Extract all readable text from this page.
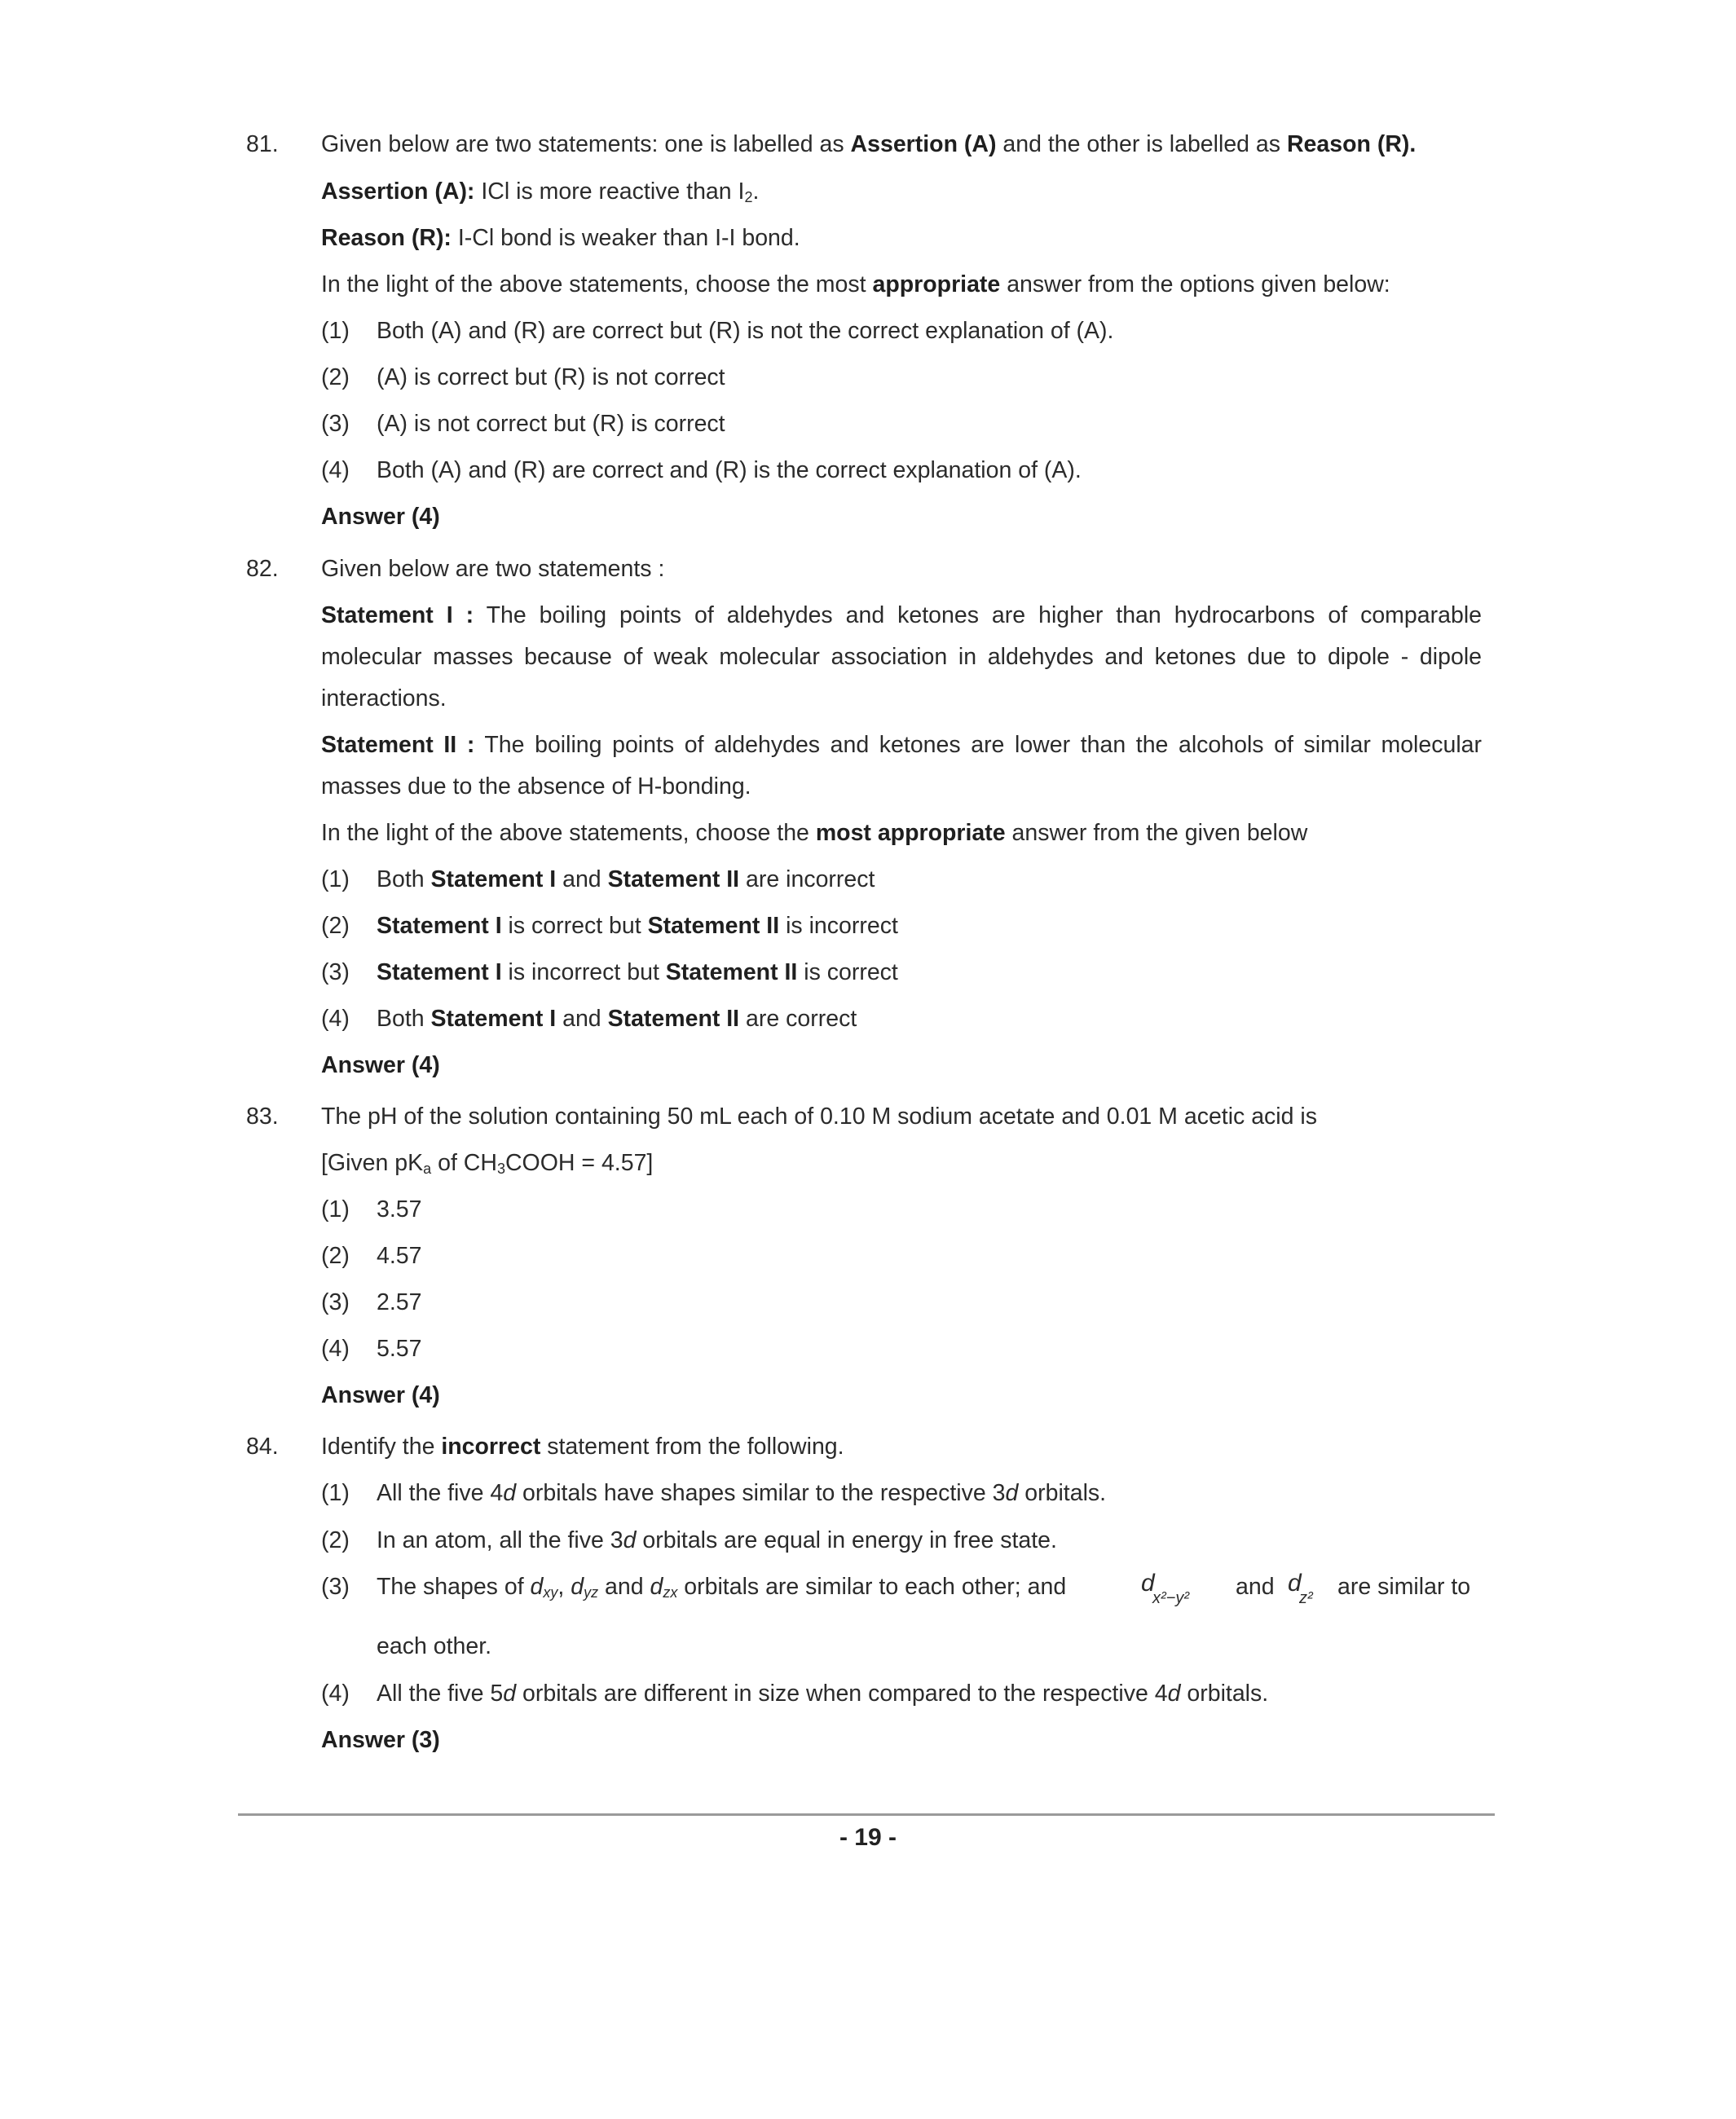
81. Given below are two statements: one is labelled as Assertion (A) and the other is labelled as Reason (R).
Assertion (A): ICl is more reactive than $I_2$.
Reason (R): I-Cl bond is weaker than I-I bond.
In the light of the above statements, choose the most appropriate answer from the options given below:
(1) Both (A) and (R) are correct but (R) is not the correct explanation of (A).
(2) (A) is correct but (R) is not correct
(3) (A) is not correct but (R) is correct
(4) Both (A) and (R) are correct and (R) is the correct explanation of (A).
Answer (4)
82. Given below are two statements :
Statement I : The boiling points of aldehydes and ketones are higher than hydrocarbons of comparable
molecular masses because of weak molecular association in aldehydes and ketones due to dipole - dipole
interactions.
Statement II : The boiling points of aldehydes and ketones are lower than the alcohols of similar molecular
masses due to the absence of H-bonding.
In the light of the above statements, choose the most appropriate answer from the given below
(1) Both Statement I and Statement II are incorrect
(2) Statement I is correct but Statement II is incorrect
(3) Statement I is incorrect but Statement II is correct
(4) Both Statement I and Statement II are correct
Answer (4)
83. The pH of the solution containing 50 mL each of 0.10 M sodium acetate and 0.01 M acetic acid is
[Given $pK_a$ of $CH_3COOH = 4.57$]
(1) 3.57
(2) 4.57
(3) 2.57
(4) 5.57
Answer (4)
84. Identify the incorrect statement from the following.
(1) All the five 4d orbitals have shapes similar to the respective 3d orbitals.
(2) In an atom, all the five 3d orbitals are equal in energy in free state.
(3) The shapes of $d_{xy}$, $d_{yz}$ and $d_{zx}$ orbitals are similar to each other; and	d
x²−y² and d
z² are similar to
each other.
(4) All the five 5d orbitals are different in size when compared to the respective 4d orbitals.
Answer (3)
- 19 -
